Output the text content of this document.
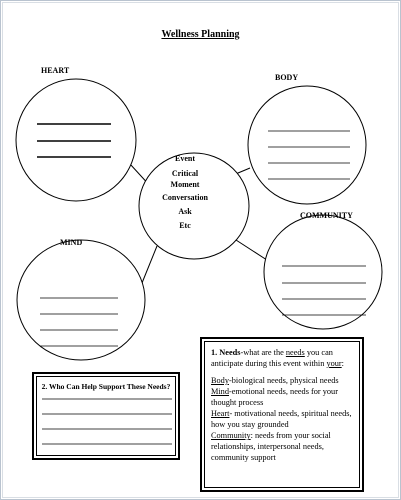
Wellness Planning
HEART
BODY
COMMUNITY
MIND
Event
Critical
Moment
Conversation
Ask
Etc
2. Who Can Help Support These Needs?

1. Needs-what are the needs you can anticipate during this event within your:

Body-biological needs, physical needs

Mind-emotional needs, needs for your thought process

Heart- motivational needs, spiritual needs, how you stay grounded

Community: needs from your social relationships, interpersonal needs, community support
